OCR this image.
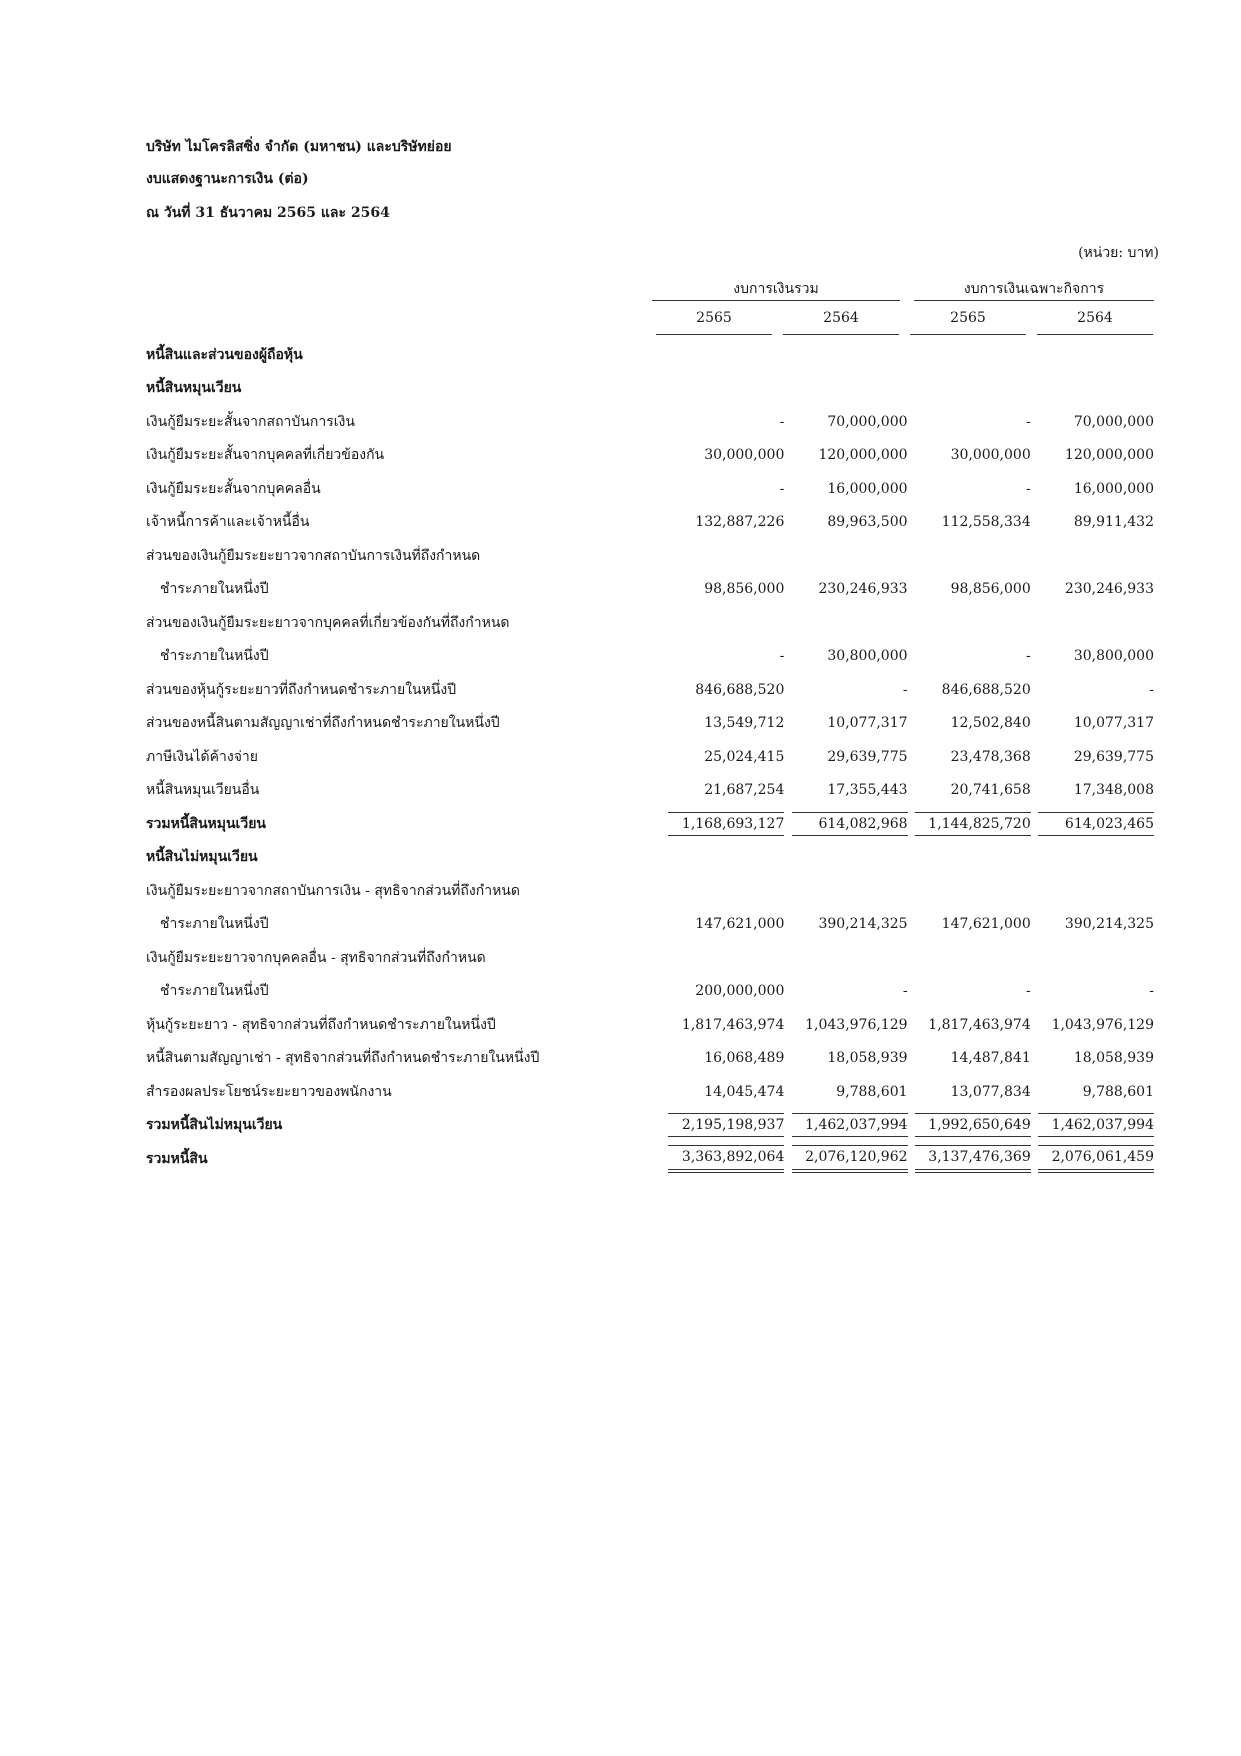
บริษัท ไมโครลิสซิ่ง จำกัด (มหาชน) และบริษัทย่อย
งบแสดงฐานะการเงิน (ต่อ)
ณ วันที่ 31 ธันวาคม 2565 และ 2564
(หน่วย: บาท)
งบการเงินรวม	งบการเงินเฉพาะกิจการ
2565	2564	2565	2564
หนี้สินและส่วนของผู้ถือหุ้น					
หนี้สินหมุนเวียน					
เงินกู้ยืมระยะสั้นจากสถาบันการเงิน		-	70,000,000	-	70,000,000
เงินกู้ยืมระยะสั้นจากบุคคลที่เกี่ยวข้องกัน		30,000,000	120,000,000	30,000,000	120,000,000
เงินกู้ยืมระยะสั้นจากบุคคลอื่น		-	16,000,000	-	16,000,000
เจ้าหนี้การค้าและเจ้าหนี้อื่น		132,887,226	89,963,500	112,558,334	89,911,432
ส่วนของเงินกู้ยืมระยะยาวจากสถาบันการเงินที่ถึงกำหนด					
ชำระภายในหนึ่งปี		98,856,000	230,246,933	98,856,000	230,246,933
ส่วนของเงินกู้ยืมระยะยาวจากบุคคลที่เกี่ยวข้องกันที่ถึงกำหนด					
ชำระภายในหนึ่งปี		-	30,800,000	-	30,800,000
ส่วนของหุ้นกู้ระยะยาวที่ถึงกำหนดชำระภายในหนึ่งปี		846,688,520	-	846,688,520	-
ส่วนของหนี้สินตามสัญญาเช่าที่ถึงกำหนดชำระภายในหนึ่งปี		13,549,712	10,077,317	12,502,840	10,077,317
ภาษีเงินได้ค้างจ่าย		25,024,415	29,639,775	23,478,368	29,639,775
หนี้สินหมุนเวียนอื่น		21,687,254	17,355,443	20,741,658	17,348,008
รวมหนี้สินหมุนเวียน		1,168,693,127	614,082,968	1,144,825,720	614,023,465
หนี้สินไม่หมุนเวียน					
เงินกู้ยืมระยะยาวจากสถาบันการเงิน - สุทธิจากส่วนที่ถึงกำหนด					
ชำระภายในหนึ่งปี		147,621,000	390,214,325	147,621,000	390,214,325
เงินกู้ยืมระยะยาวจากบุคคลอื่น - สุทธิจากส่วนที่ถึงกำหนด					
ชำระภายในหนึ่งปี		200,000,000	-	-	-
หุ้นกู้ระยะยาว - สุทธิจากส่วนที่ถึงกำหนดชำระภายในหนึ่งปี		1,817,463,974	1,043,976,129	1,817,463,974	1,043,976,129
หนี้สินตามสัญญาเช่า - สุทธิจากส่วนที่ถึงกำหนดชำระภายในหนึ่งปี		16,068,489	18,058,939	14,487,841	18,058,939
สำรองผลประโยชน์ระยะยาวของพนักงาน		14,045,474	9,788,601	13,077,834	9,788,601
รวมหนี้สินไม่หมุนเวียน		2,195,198,937	1,462,037,994	1,992,650,649	1,462,037,994
รวมหนี้สิน		3,363,892,064	2,076,120,962	3,137,476,369	2,076,061,459
